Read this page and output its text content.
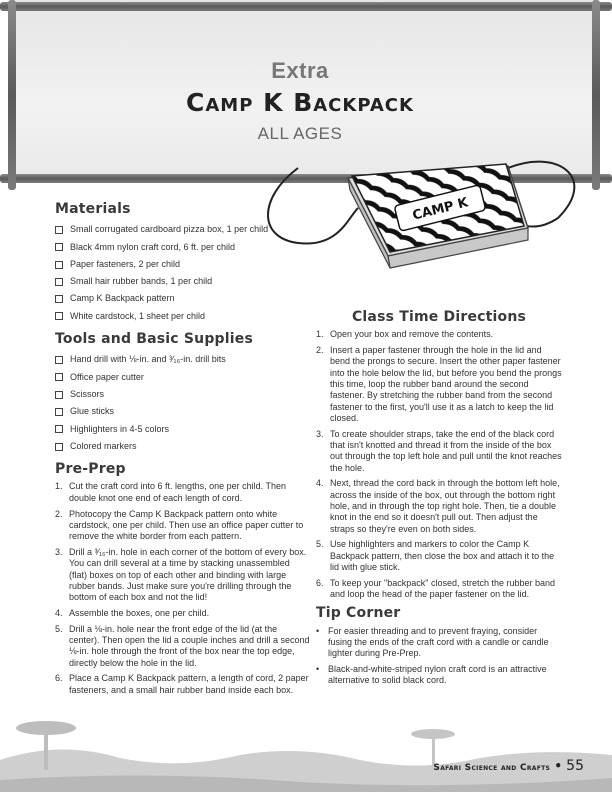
Extra
Camp K Backpack
ALL AGES
CAMP K
Materials
Small corrugated cardboard pizza box, 1 per child
Black 4mm nylon craft cord, 6 ft. per child
Paper fasteners, 2 per child
Small hair rubber bands, 1 per child
Camp K Backpack pattern
White cardstock, 1 sheet per child
Tools and Basic Supplies
Hand drill with ⅛-in. and ³⁄₁₆-in. drill bits
Office paper cutter
Scissors
Glue sticks
Highlighters in 4-5 colors
Colored markers
Pre-Prep
1. Cut the craft cord into 6 ft. lengths, one per child. Then double knot one end of each length of cord.
2. Photocopy the Camp K Backpack pattern onto white cardstock, one per child. Then use an office paper cutter to remove the white border from each pattern.
3. Drill a ³⁄₁₆-in. hole in each corner of the bottom of every box. You can drill several at a time by stacking unassembled (flat) boxes on top of each other and binding with large rubber bands. Just make sure you're drilling through the bottom of each box and not the lid!
4. Assemble the boxes, one per child.
5. Drill a ⅛-in. hole near the front edge of the lid (at the center). Then open the lid a couple inches and drill a second ⅛-in. hole through the front of the box near the top edge, directly below the hole in the lid.
6. Place a Camp K Backpack pattern, a length of cord, 2 paper fasteners, and a small hair rubber band inside each box.
Class Time Directions
1. Open your box and remove the contents.
2. Insert a paper fastener through the hole in the lid and bend the prongs to secure. Insert the other paper fastener into the hole below the lid, but before you bend the prongs this time, loop the rubber band around the second fastener. By stretching the rubber band from the second fastener to the first, you'll use it as a latch to keep the lid closed.
3. To create shoulder straps, take the end of the black cord that isn't knotted and thread it from the inside of the box out through the top left hole and pull until the knot reaches the hole.
4. Next, thread the cord back in through the bottom left hole, across the inside of the box, out through the bottom right hole, and in through the top right hole. Then, tie a double knot in the end so it doesn't pull out. Then adjust the straps so they're even on both sides.
5. Use highlighters and markers to color the Camp K Backpack pattern, then close the box and attach it to the lid with glue stick.
6. To keep your "backpack" closed, stretch the rubber band and loop the head of the paper fastener on the lid.
Tip Corner
• For easier threading and to prevent fraying, consider fusing the ends of the craft cord with a candle or candle lighter during Pre-Prep.
• Black-and-white-striped nylon craft cord is an attractive alternative to solid black cord.
Safari Science and Crafts • 55
